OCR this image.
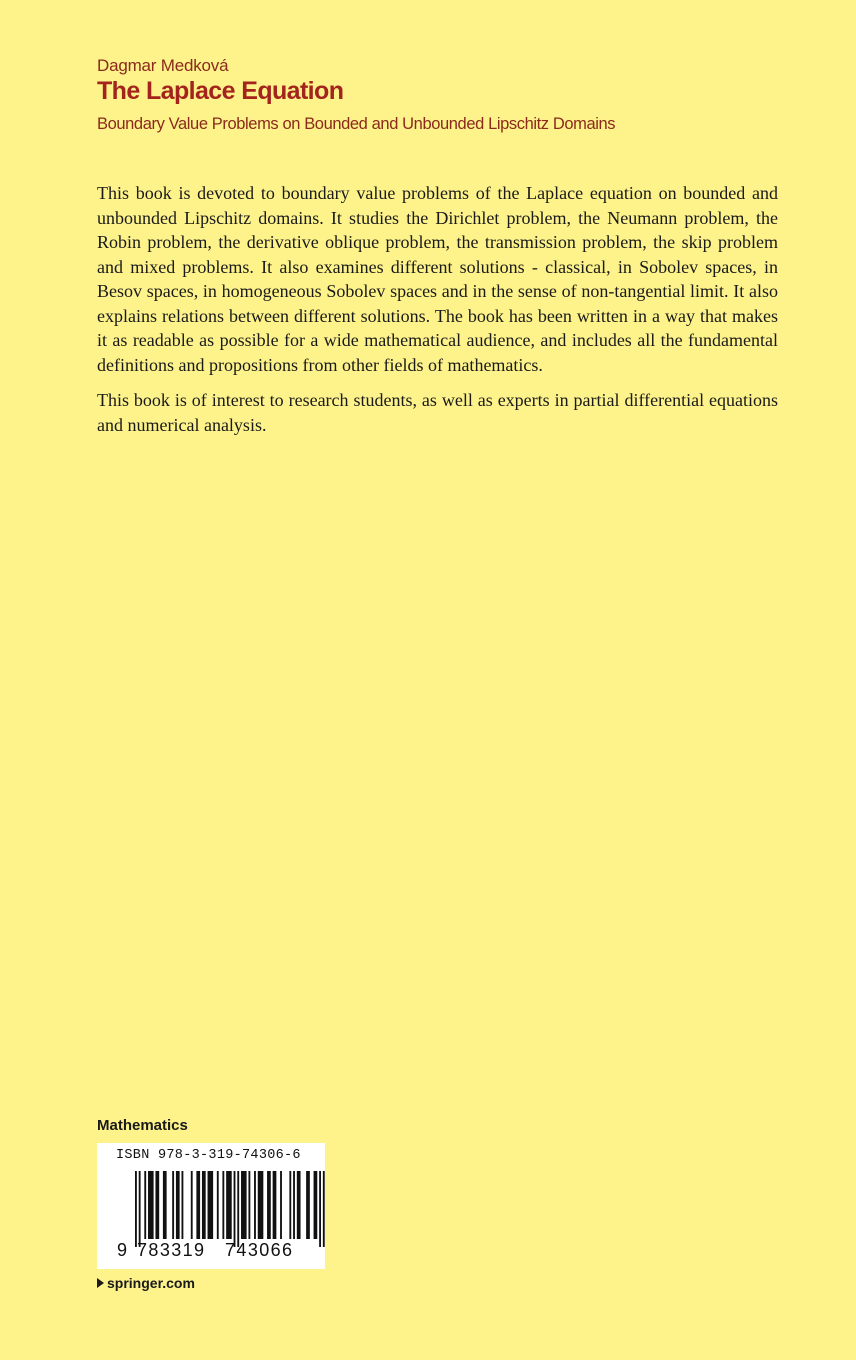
Dagmar Medková
The Laplace Equation
Boundary Value Problems on Bounded and Unbounded Lipschitz Domains

This book is devoted to boundary value problems of the Laplace equation on bounded and unbounded Lipschitz domains. It studies the Dirichlet problem, the Neumann problem, the Robin problem, the derivative oblique problem, the transmission problem, the skip problem and mixed problems. It also examines different solutions - classical, in Sobolev spaces, in Besov spaces, in homogeneous Sobolev spaces and in the sense of non-tangential limit. It also explains relations between different solutions. The book has been written in a way that makes it as readable as possible for a wide mathematical audience, and includes all the fundamental definitions and propositions from other fields of mathematics.

This book is of interest to research students, as well as experts in partial differential equations and numerical analysis.

Mathematics
ISBN 978-3-319-74306-6
9 783319 743066
springer.com
